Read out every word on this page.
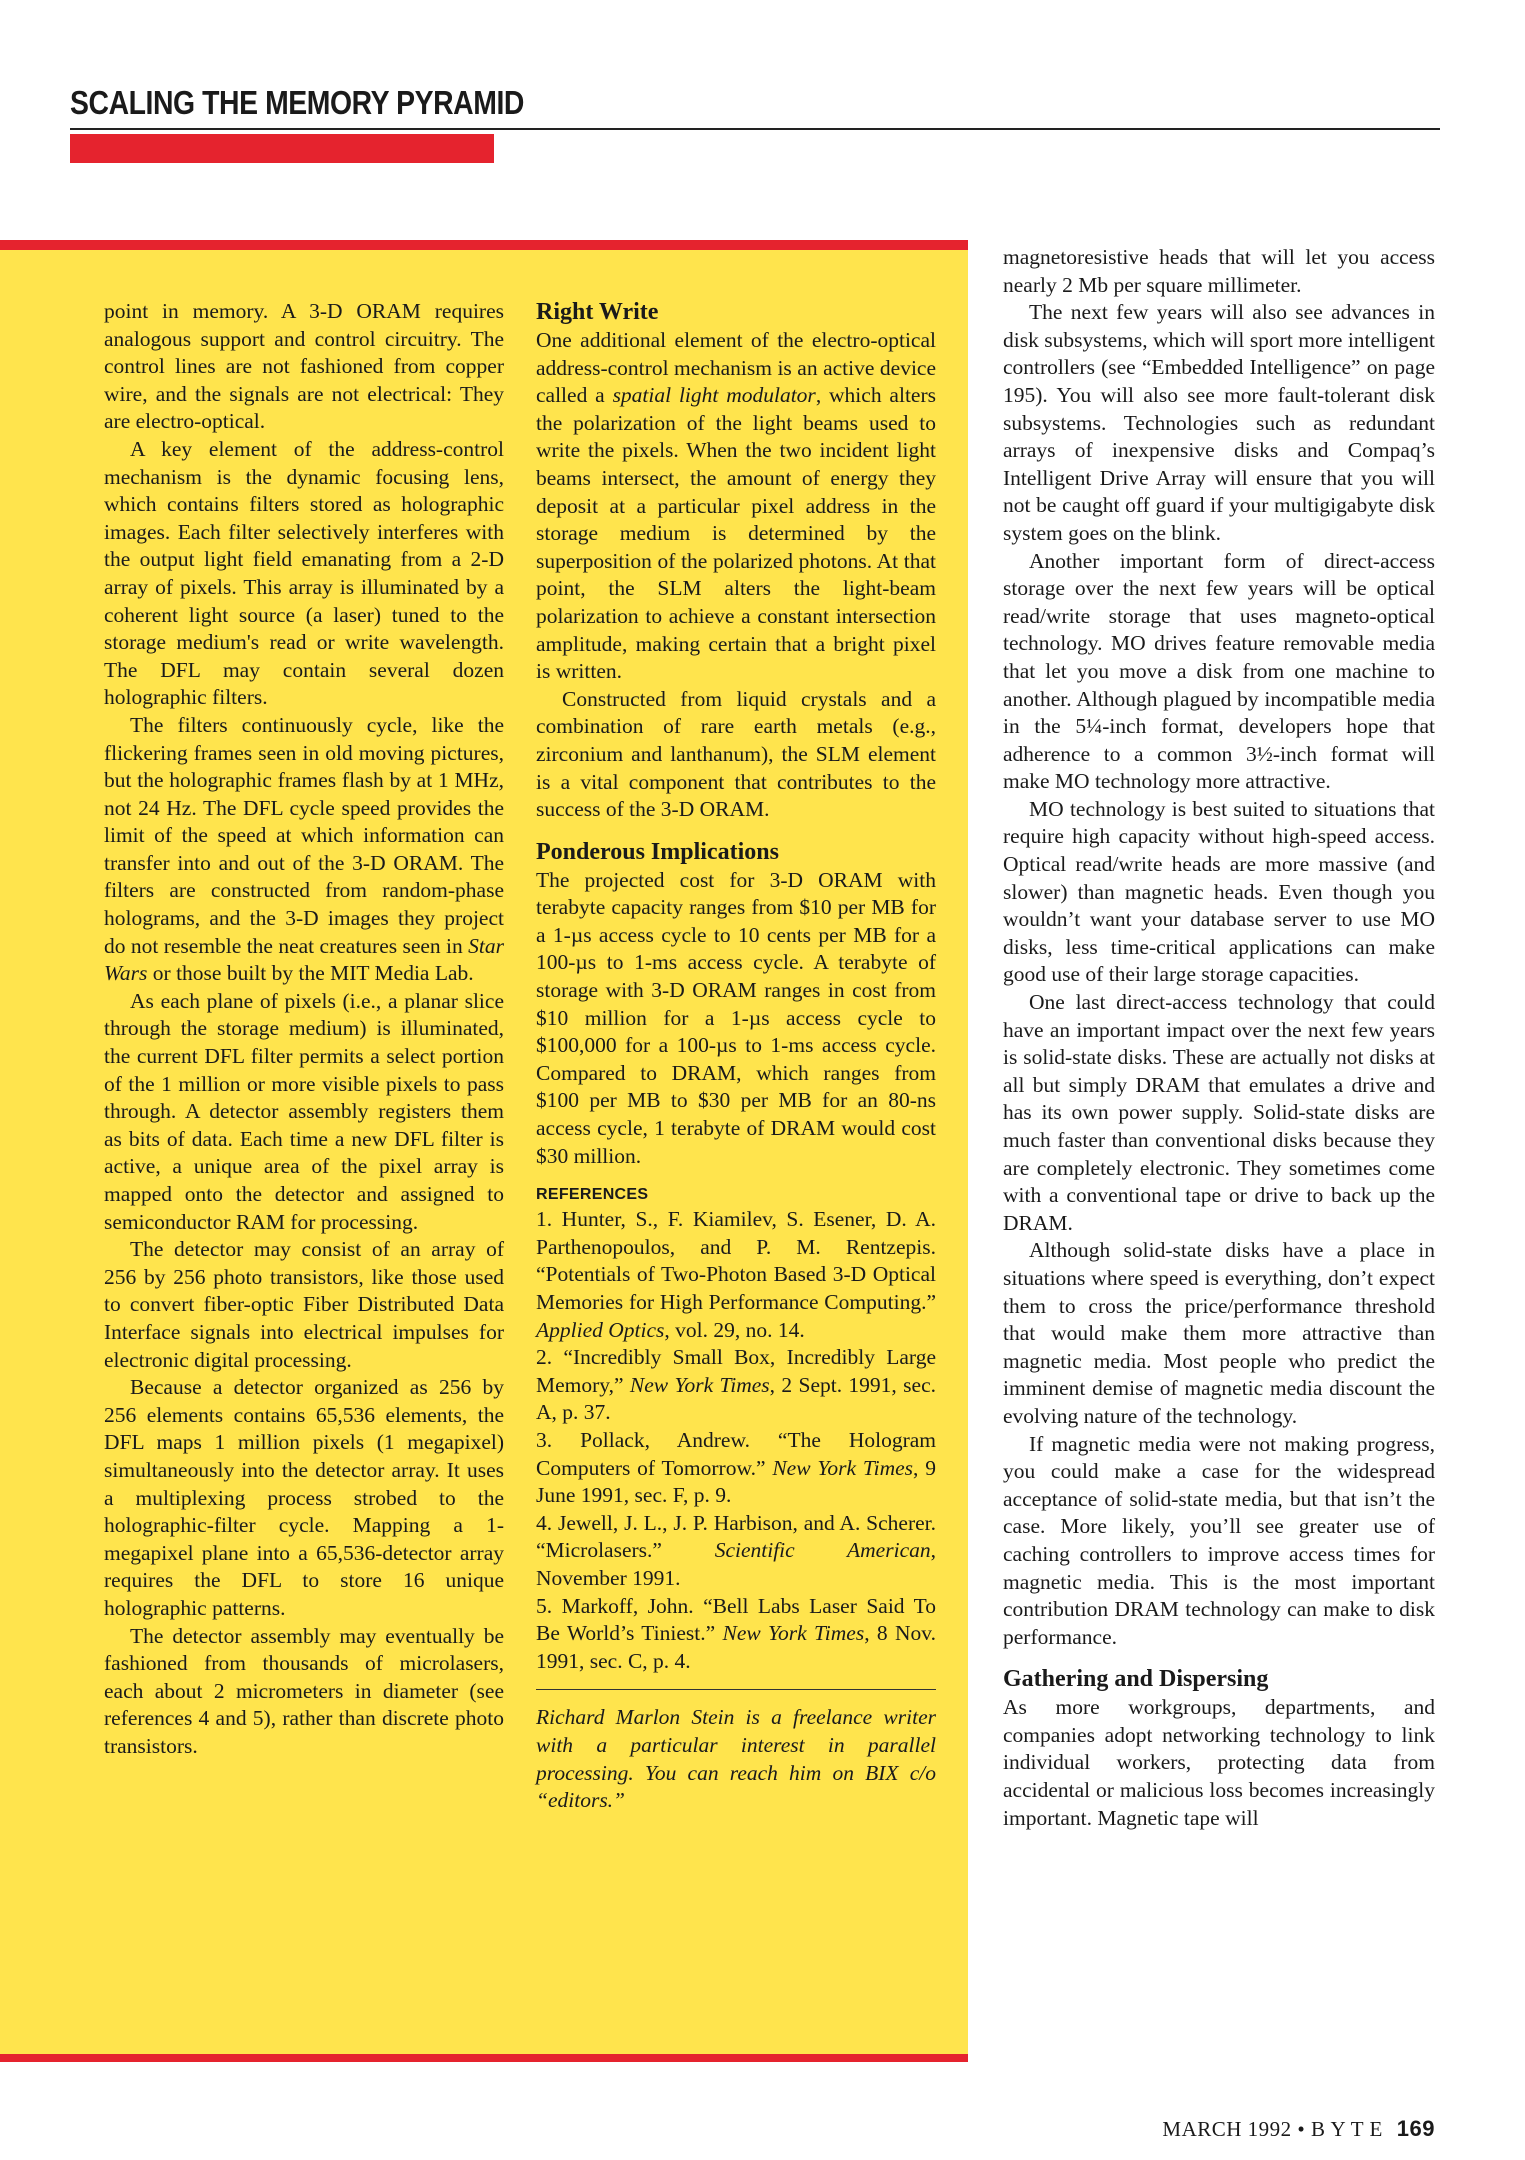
SCALING THE MEMORY PYRAMID

point in memory. A 3-D ORAM requires analogous support and control circuitry. The control lines are not fashioned from copper wire, and the signals are not electrical: They are electro-optical.

A key element of the address-control mechanism is the dynamic focusing lens, which contains filters stored as holographic images. Each filter selectively interferes with the output light field emanating from a 2-D array of pixels. This array is illuminated by a coherent light source (a laser) tuned to the storage medium's read or write wavelength. The DFL may contain several dozen holographic filters.

The filters continuously cycle, like the flickering frames seen in old moving pictures, but the holographic frames flash by at 1 MHz, not 24 Hz. The DFL cycle speed provides the limit of the speed at which information can transfer into and out of the 3-D ORAM. The filters are constructed from random-phase holograms, and the 3-D images they project do not resemble the neat creatures seen in Star Wars or those built by the MIT Media Lab.

As each plane of pixels (i.e., a planar slice through the storage medium) is illuminated, the current DFL filter permits a select portion of the 1 million or more visible pixels to pass through. A detector assembly registers them as bits of data. Each time a new DFL filter is active, a unique area of the pixel array is mapped onto the detector and assigned to semiconductor RAM for processing.

The detector may consist of an array of 256 by 256 photo transistors, like those used to convert fiber-optic Fiber Distributed Data Interface signals into electrical impulses for electronic digital processing.

Because a detector organized as 256 by 256 elements contains 65,536 elements, the DFL maps 1 million pixels (1 megapixel) simultaneously into the detector array. It uses a multiplexing process strobed to the holographic-filter cycle. Mapping a 1-megapixel plane into a 65,536-detector array requires the DFL to store 16 unique holographic patterns.

The detector assembly may eventually be fashioned from thousands of microlasers, each about 2 micrometers in diameter (see references 4 and 5), rather than discrete photo transistors.

Right Write

One additional element of the electro-optical address-control mechanism is an active device called a spatial light modulator, which alters the polarization of the light beams used to write the pixels. When the two incident light beams intersect, the amount of energy they deposit at a particular pixel address in the storage medium is determined by the superposition of the polarized photons. At that point, the SLM alters the light-beam polarization to achieve a constant intersection amplitude, making certain that a bright pixel is written.

Constructed from liquid crystals and a combination of rare earth metals (e.g., zirconium and lanthanum), the SLM element is a vital component that contributes to the success of the 3-D ORAM.

Ponderous Implications

The projected cost for 3-D ORAM with terabyte capacity ranges from $10 per MB for a 1-µs access cycle to 10 cents per MB for a 100-µs to 1-ms access cycle. A terabyte of storage with 3-D ORAM ranges in cost from $10 million for a 1-µs access cycle to $100,000 for a 100-µs to 1-ms access cycle. Compared to DRAM, which ranges from $100 per MB to $30 per MB for an 80-ns access cycle, 1 terabyte of DRAM would cost $30 million.

REFERENCES

1. Hunter, S., F. Kiamilev, S. Esener, D. A. Parthenopoulos, and P. M. Rentzepis. “Potentials of Two-Photon Based 3-D Optical Memories for High Performance Computing.” Applied Optics, vol. 29, no. 14.

2. “Incredibly Small Box, Incredibly Large Memory,” New York Times, 2 Sept. 1991, sec. A, p. 37.

3. Pollack, Andrew. “The Hologram Computers of Tomorrow.” New York Times, 9 June 1991, sec. F, p. 9.

4. Jewell, J. L., J. P. Harbison, and A. Scherer. “Microlasers.” Scientific American, November 1991.

5. Markoff, John. “Bell Labs Laser Said To Be World’s Tiniest.” New York Times, 8 Nov. 1991, sec. C, p. 4.

Richard Marlon Stein is a freelance writer with a particular interest in parallel processing. You can reach him on BIX c/o “editors.”

magnetoresistive heads that will let you access nearly 2 Mb per square millimeter.

The next few years will also see advances in disk subsystems, which will sport more intelligent controllers (see “Embedded Intelligence” on page 195). You will also see more fault-tolerant disk subsystems. Technologies such as redundant arrays of inexpensive disks and Compaq’s Intelligent Drive Array will ensure that you will not be caught off guard if your multigigabyte disk system goes on the blink.

Another important form of direct-access storage over the next few years will be optical read/write storage that uses magneto-optical technology. MO drives feature removable media that let you move a disk from one machine to another. Although plagued by incompatible media in the 5¼-inch format, developers hope that adherence to a common 3½-inch format will make MO technology more attractive.

MO technology is best suited to situations that require high capacity without high-speed access. Optical read/write heads are more massive (and slower) than magnetic heads. Even though you wouldn’t want your database server to use MO disks, less time-critical applications can make good use of their large storage capacities.

One last direct-access technology that could have an important impact over the next few years is solid-state disks. These are actually not disks at all but simply DRAM that emulates a drive and has its own power supply. Solid-state disks are much faster than conventional disks because they are completely electronic. They sometimes come with a conventional tape or drive to back up the DRAM.

Although solid-state disks have a place in situations where speed is everything, don’t expect them to cross the price/performance threshold that would make them more attractive than magnetic media. Most people who predict the imminent demise of magnetic media discount the evolving nature of the technology.

If magnetic media were not making progress, you could make a case for the widespread acceptance of solid-state media, but that isn’t the case. More likely, you’ll see greater use of caching controllers to improve access times for magnetic media. This is the most important contribution DRAM technology can make to disk performance.

Gathering and Dispersing

As more workgroups, departments, and companies adopt networking technology to link individual workers, protecting data from accidental or malicious loss becomes increasingly important. Magnetic tape will

MARCH 1992 • B Y T E 169
